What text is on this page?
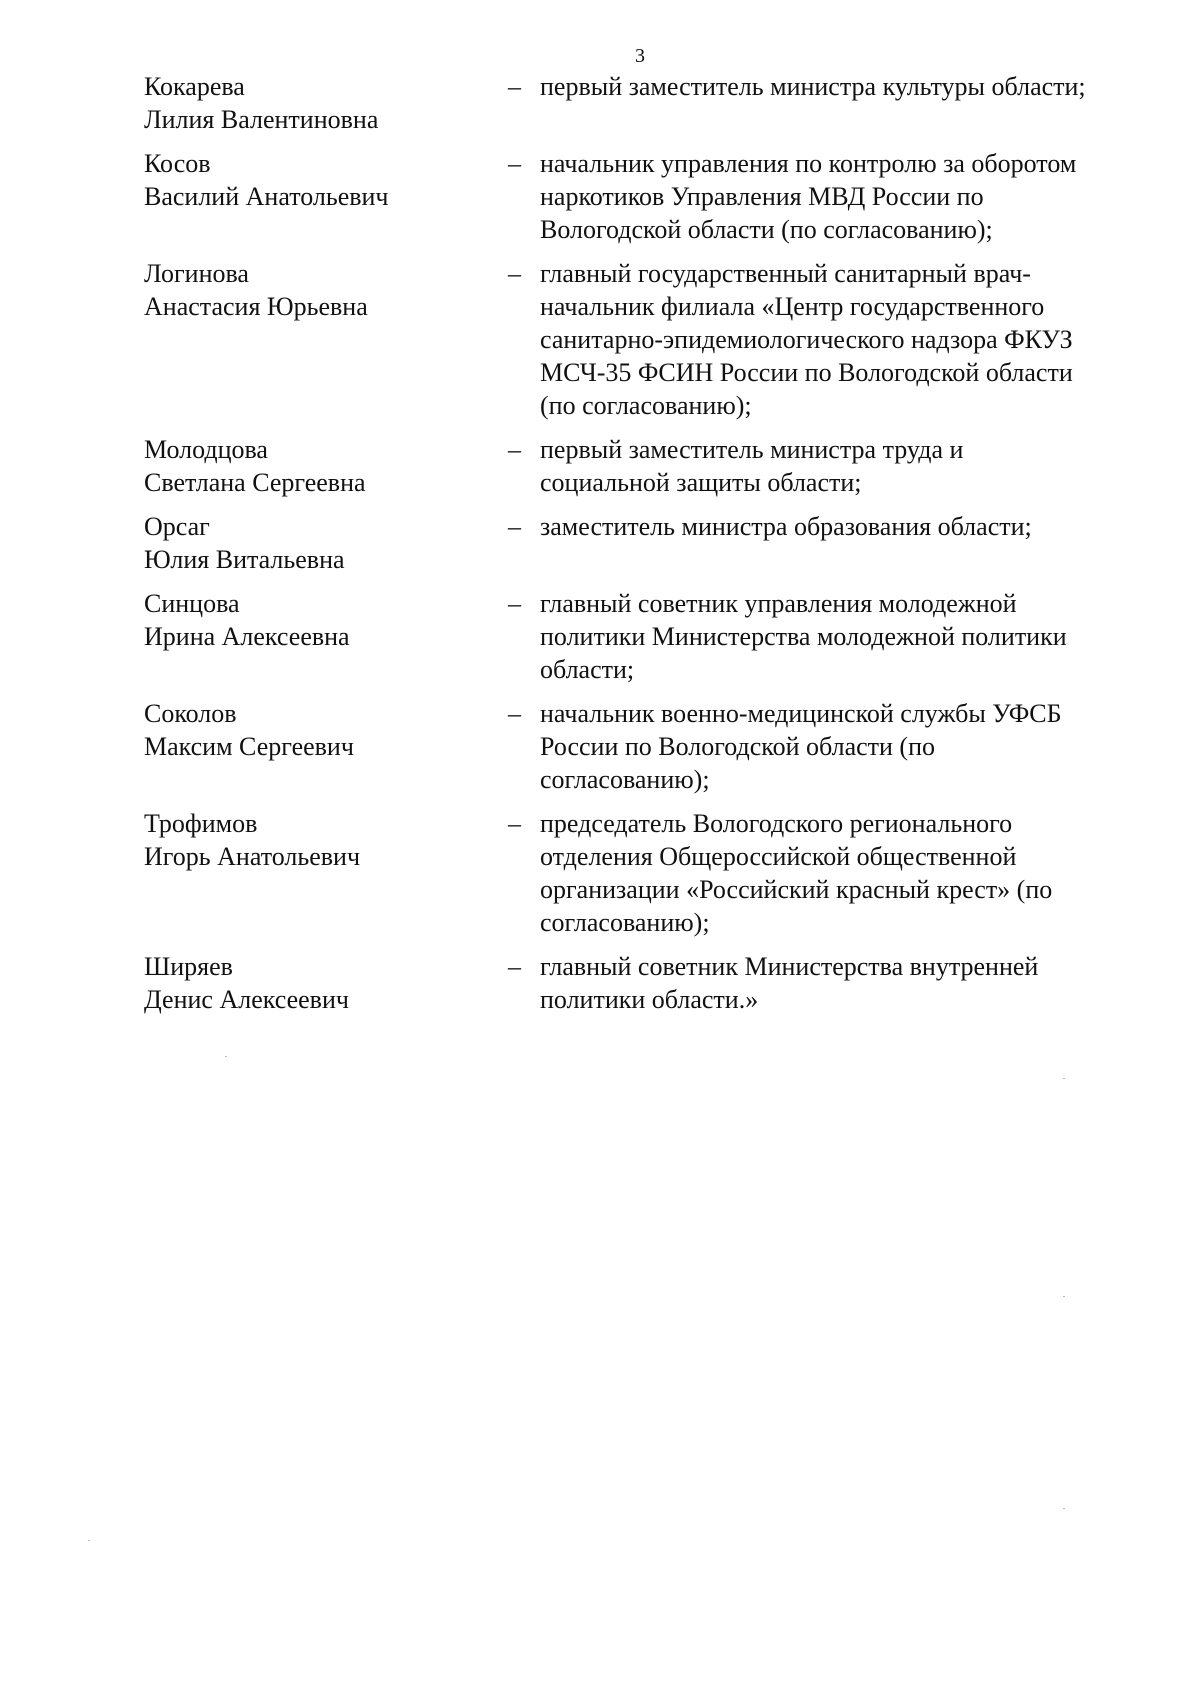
3
Кокарева
Лилия Валентиновна
– первый заместитель министра культуры области;
Косов
Василий Анатольевич
– начальник управления по контролю за оборотом
наркотиков Управления МВД России по
Вологодской области (по согласованию);
Логинова
Анастасия Юрьевна
– главный государственный санитарный врач-
начальник филиала «Центр государственного
санитарно-эпидемиологического надзора ФКУЗ
МСЧ-35 ФСИН России по Вологодской области
(по согласованию);
Молодцова
Светлана Сергеевна
– первый заместитель министра труда и
социальной защиты области;
Орсаг
Юлия Витальевна
– заместитель министра образования области;
Синцова
Ирина Алексеевна
– главный советник управления молодежной
политики Министерства молодежной политики
области;
Соколов
Максим Сергеевич
– начальник военно-медицинской службы УФСБ
России по Вологодской области (по
согласованию);
Трофимов
Игорь Анатольевич
– председатель Вологодского регионального
отделения Общероссийской общественной
организации «Российский красный крест» (по
согласованию);
Ширяев
Денис Алексеевич
– главный советник Министерства внутренней
политики области.»
